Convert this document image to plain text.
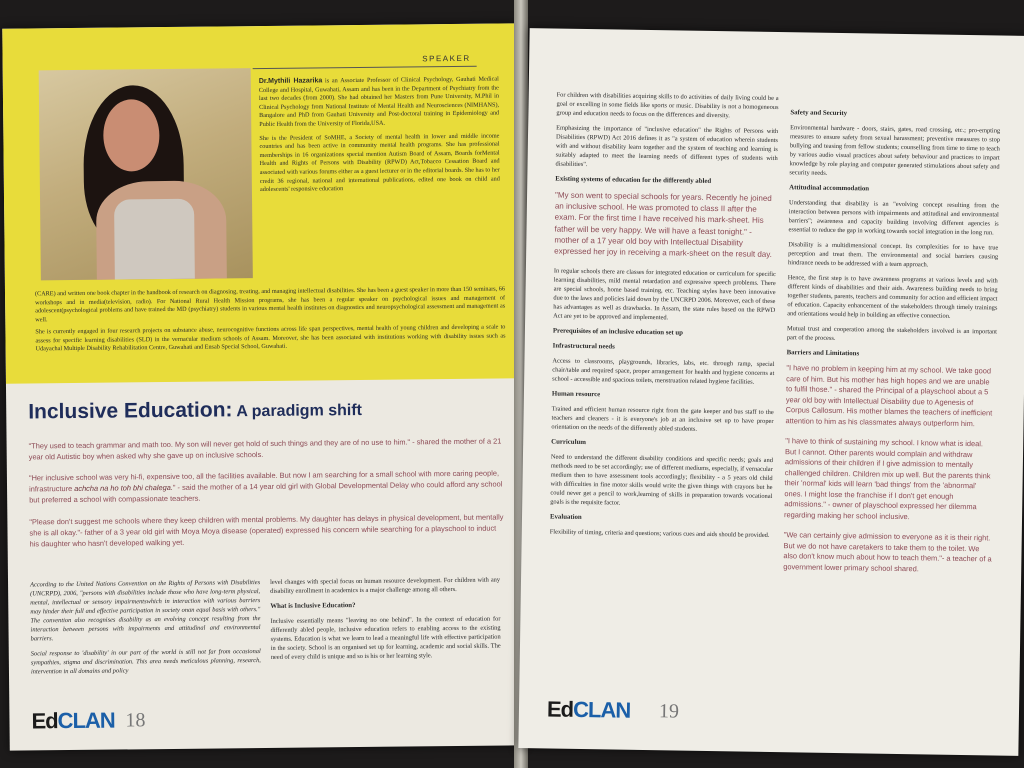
SPEAKER

Dr.Mythili Hazarika is an Associate Professor of Clinical Psychology, Gauhati Medical College and Hospital, Guwahati, Assam and has been in the Department of Psychiatry from the last two decades (from 2000). She had obtained her Masters from Pune University, M.Phil in Clinical Psychology from National Institute of Mental Health and Neurosciences (NIMHANS), Bangalore and PhD from Gauhati University and Post-doctoral training in Epidemiology and Public Health from the University of Florida,USA.

She is the President of SoMHE, a Society of mental health in lower and middle income countries and has been active in community mental health programs. She has professional memberships in 16 organizations special mention Autism Board of Assam, Boards forMental Health and Rights of Persons with Disability (RPWD) Act,Tobacco Cessation Board and associated with various forums either as a guest lecturer or in the editorial boards. She has to her credit 36 regional, national and international publications, edited one book on child and adolescents' responsive education

(CARE) and written one book chapter in the handbook of research on diagnosing, treating, and managing intellectual disabilities. She has been a guest speaker in more than 150 seminars, 66 workshops and in media(television, radio). For National Rural Health Mission programs, she has been a regular speaker on psychological issues and management of adolescent(psychological problems and have trained the MD (psychiatry) students in various mental health institutes on diagnostics and neuropsychological assessment and management as well.
She is currently engaged in four research projects on substance abuse, neurocognitive functions across life span perspectives, mental health of young children and developing a scale to assess for specific learning disabilities (SLD) in the vernacular medium schools of Assam. Moreover, she has been associated with institutions working with disability issues such as Udayachal Multiple Disability Rehabilitation Centre, Guwahati and Ensab Special School, Guwahati.
Inclusive Education: A paradigm shift
"They used to teach grammar and math too. My son will never get hold of such things and they are of no use to him." - shared the mother of a 21 year old Autistic boy when asked why she gave up on inclusive schools.
"Her inclusive school was very hi-fi, expensive too, all the facilities available. But now I am searching for a small school with more caring people, infrastructure achcha na ho toh bhi chalega." - said the mother of a 14 year old girl with Global Developmental Delay who could afford any school but preferred a school with compassionate teachers.
"Please don't suggest me schools where they keep children with mental problems. My daughter has delays in physical development, but mentally she is all okay."- father of a 3 year old girl with Moya Moya disease (operated) expressed his concern while searching for a playschool to induct his daughter who hasn't developed walking yet.

According to the United Nations Convention on the Rights of Persons with Disabilities (UNCRPD), 2006, "persons with disabilities include those who have long-term physical, mental, intellectual or sensory impairmentswhich in interaction with various barriers may hinder their full and effective participation in society onan equal basis with others." The convention also recognises disability as an evolving concept resulting from the interaction between persons with impairments and attitudinal and environmental barriers.

Social response to 'disability' in our part of the world is still not far from occasional sympathies, stigma and discrimination. This area needs meticulous planning, research, intervention in all domains and policy

level changes with special focus on human resource development. For children with any disability enrollment in academics is a major challenge among all others.

What is Inclusive Education?

Inclusive essentially means "leaving no one behind". In the context of education for differently abled people, inclusive education refers to enabling access to the existing systems. Education is what we learn to lead a meaningful life with effective participation in the society. School is an organised set up for learning, academic and social skills. The need of every child is unique and so is his or her learning style.

EdCLAN 18

For children with disabilities acquiring skills to do activities of daily living could be a goal or excelling in some fields like sports or music. Disability is not a homogeneous group and education needs to focus on the differences and diversity.

Emphasizing the importance of "inclusive education" the Rights of Persons with Disabilities (RPWD) Act 2016 defines it as "a system of education wherein students with and without disability learn together and the system of teaching and learning is suitably adapted to meet the learning needs of different types of students with disabilities".

Existing systems of education for the differently abled
"My son went to special schools for years. Recently he joined an inclusive school. He was promoted to class II after the exam. For the first time I have received his mark-sheet. His father will be very happy. We will have a feast tonight." - mother of a 17 year old boy with Intellectual Disability expressed her joy in receiving a mark-sheet on the result day.

In regular schools there are classes for integrated education or curriculum for specific learning disabilities, mild mental retardation and expressive speech problems. There are special schools, home based training, etc. Teaching styles have been innovative due to the laws and policies laid down by the UNCRPD 2006. Moreover, each of these has advantages as well as drawbacks. In Assam, the state rules based on the RPWD Act are yet to be approved and implemented.

Prerequisites of an inclusive education set up
Infrastructural needs

Access to classrooms, playgrounds, libraries, labs, etc. through ramp, special chair/table and required space, proper arrangement for health and hygiene concerns at school - accessible and spacious toilets, menstruation related hygiene facilities.

Human resource

Trained and efficient human resource right from the gate keeper and bus staff to the teachers and cleaners - it is everyone's job at an inclusive set up to have proper orientation on the needs of the differently abled students.

Curriculum

Need to understand the different disability conditions and specific needs; goals and methods need to be set accordingly; use of different mediums, especially, if vernacular medium then to have assessment tools accordingly; flexibility - a 5 years old child with difficulties in fine motor skills would write the given things with crayons but he could never get a pencil to work,learning of skills in preparation towards vocational goals is the requisite factor.

Evaluation

Flexibility of timing, criteria and questions; various cues and aids should be provided.

Safety and Security

Environmental hardware - doors, stairs, gates, road crossing, etc.; pro-empting measures to ensure safety from sexual harassment; preventive measures to stop bullying and teasing from fellow students; counselling from time to time to teach by various audio visual practices about safety behaviour and practices to impart knowledge by role playing and computer generated stimulations about safety and security needs.

Attitudinal accommodation

Understanding that disability is an "evolving concept resulting from the interaction between persons with impairments and attitudinal and environmental barriers"; awareness and capacity building involving different agencies is essential to reduce the gap in working towards social integration in the long run.

Disability is a multidimensional concept. Its complexities for to have true perception and treat them. The environmental and social barriers causing hindrance needs to be addressed with a team approach.

Hence, the first step is to have awareness programs at various levels and with different kinds of disabilities and their aids. Awareness building needs to bring together students, parents, teachers and community for action and efficient impact of education. Capacity enhancement of the stakeholders through timely trainings and orientations would help in building an effective connection.

Mutual trust and cooperation among the stakeholders involved is an important part of the process.

Barriers and Limitations
"I have no problem in keeping him at my school. We take good care of him. But his mother has high hopes and we are unable to fulfil those." - shared the Principal of a playschool about a 5 year old boy with Intellectual Disability due to Agenesis of Corpus Callosum. His mother blames the teachers of inefficient attention to him as his classmates always outperform him.
"I have to think of sustaining my school. I know what is ideal. But I cannot. Other parents would complain and withdraw admissions of their children if I give admission to mentally challenged children. Children mix up well. But the parents think their 'normal' kids will learn 'bad things' from the 'abnormal' ones. I might lose the franchise if I don't get enough admissions." - owner of playschool expressed her dilemma regarding making her school inclusive.
"We can certainly give admission to everyone as it is their right. But we do not have caretakers to take them to the toilet. We also don't know much about how to teach them."- a teacher of a government lower primary school shared.
EdCLAN 19
